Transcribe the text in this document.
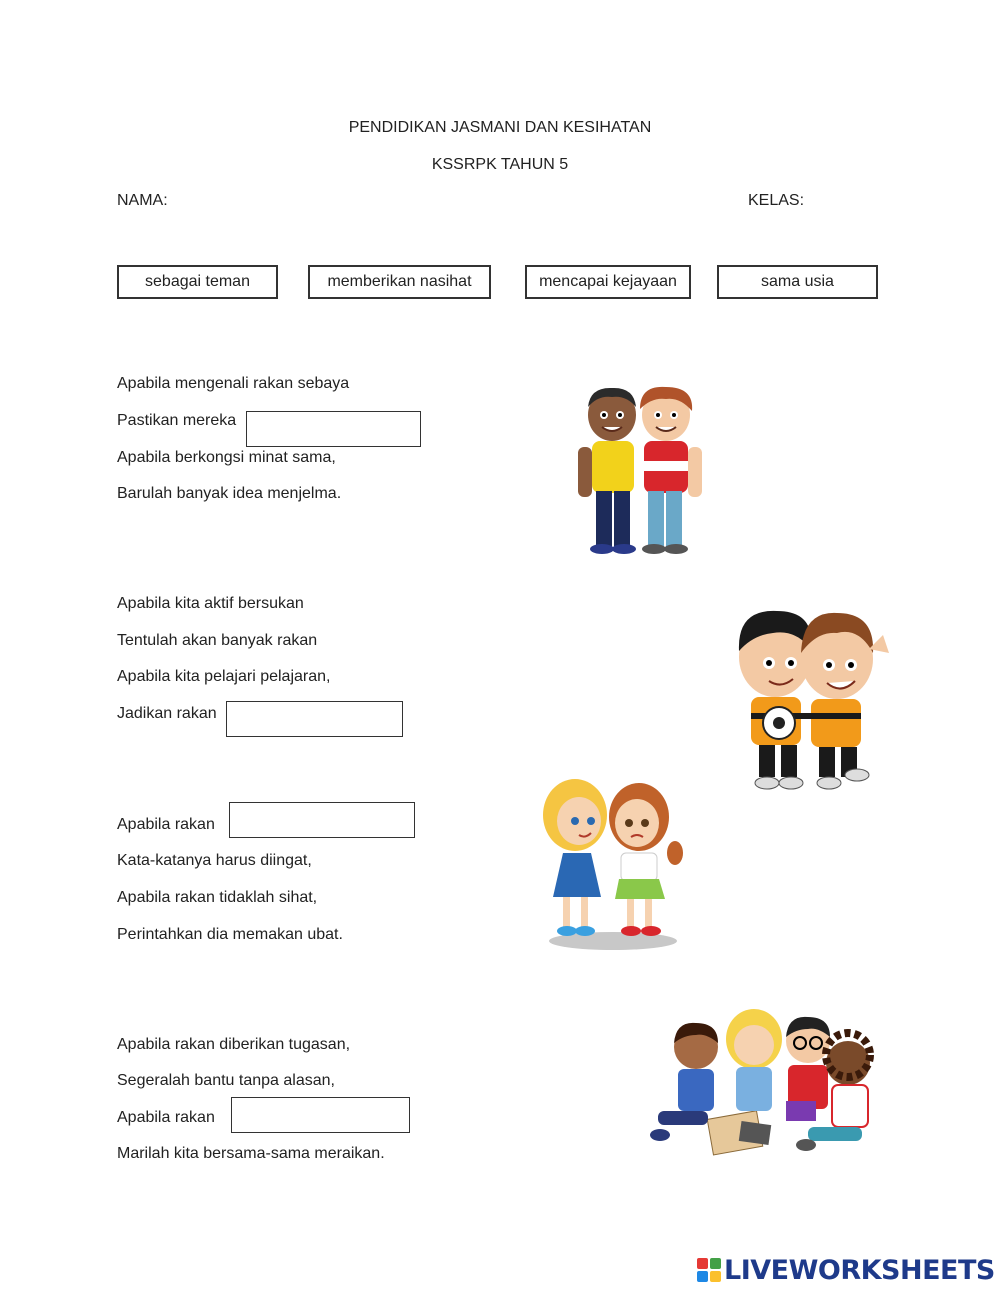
PENDIDIKAN JASMANI DAN KESIHATAN
KSSRPK TAHUN 5
NAMA:	KELAS:
sebagai teman	memberikan nasihat	mencapai kejayaan	sama usia
Apabila mengenali rakan sebaya
Pastikan mereka
Apabila berkongsi minat sama,
Barulah banyak idea menjelma.
Apabila kita aktif bersukan
Tentulah akan banyak rakan
Apabila kita pelajari pelajaran,
Jadikan rakan
Apabila rakan
Kata-katanya harus diingat,
Apabila rakan tidaklah sihat,
Perintahkan dia memakan ubat.
Apabila rakan diberikan tugasan,
Segeralah bantu tanpa alasan,
Apabila rakan
Marilah kita bersama-sama meraikan.
LIVEWORKSHEETS
